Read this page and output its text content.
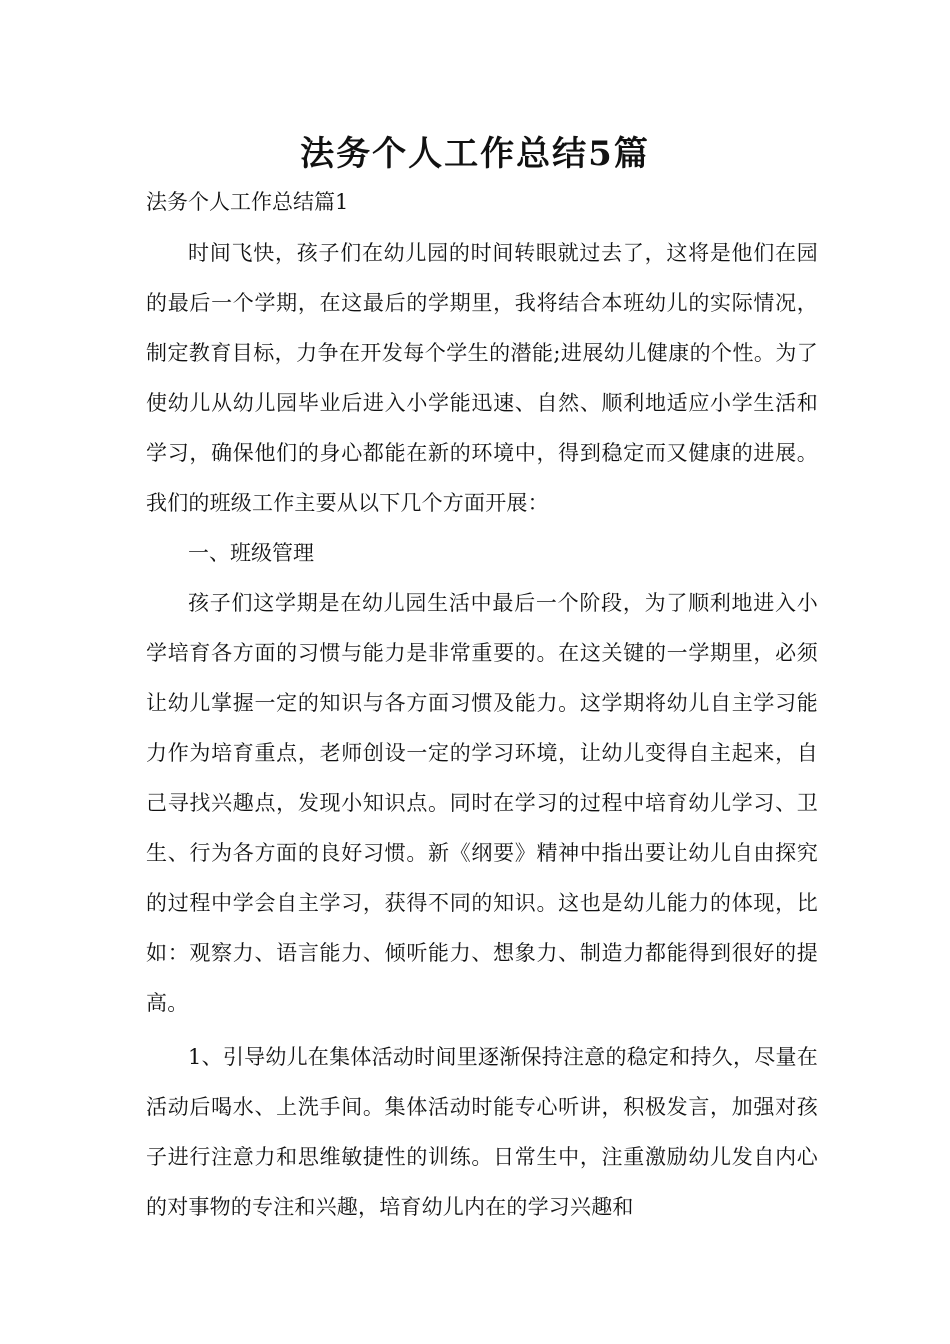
法务个人工作总结5篇
法务个人工作总结篇1

时间飞快，孩子们在幼儿园的时间转眼就过去了，这将是他们在园的最后一个学期，在这最后的学期里，我将结合本班幼儿的实际情况，制定教育目标，力争在开发每个学生的潜能;进展幼儿健康的个性。为了使幼儿从幼儿园毕业后进入小学能迅速、自然、顺利地适应小学生活和学习，确保他们的身心都能在新的环境中，得到稳定而又健康的进展。我们的班级工作主要从以下几个方面开展：

一、班级管理

孩子们这学期是在幼儿园生活中最后一个阶段，为了顺利地进入小学培育各方面的习惯与能力是非常重要的。在这关键的一学期里，必须让幼儿掌握一定的知识与各方面习惯及能力。这学期将幼儿自主学习能力作为培育重点，老师创设一定的学习环境，让幼儿变得自主起来，自己寻找兴趣点，发现小知识点。同时在学习的过程中培育幼儿学习、卫生、行为各方面的良好习惯。新《纲要》精神中指出要让幼儿自由探究的过程中学会自主学习，获得不同的知识。这也是幼儿能力的体现，比如：观察力、语言能力、倾听能力、想象力、制造力都能得到很好的提高。

1、引导幼儿在集体活动时间里逐渐保持注意的稳定和持久，尽量在活动后喝水、上洗手间。集体活动时能专心听讲，积极发言，加强对孩子进行注意力和思维敏捷性的训练。日常生中，注重激励幼儿发自内心的对事物的专注和兴趣，培育幼儿内在的学习兴趣和
